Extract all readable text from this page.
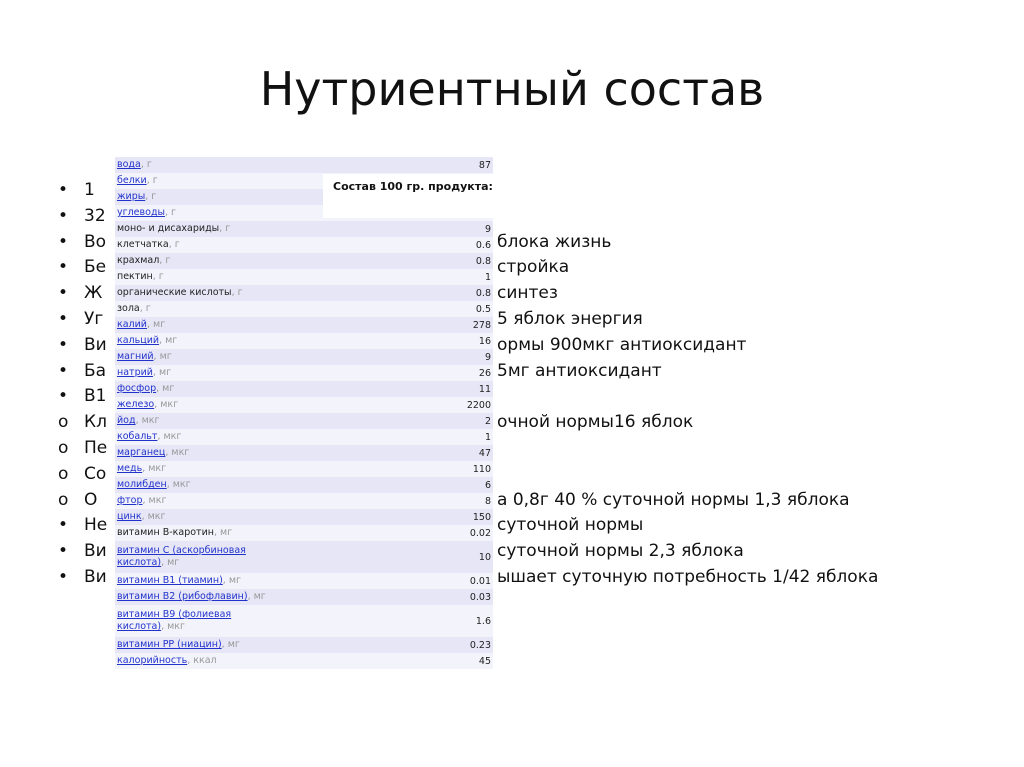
Нутриентный состав
• 1
• 32
• Во	блока жизнь
• Бе	стройка
• Ж	синтез
• Уг	5 яблок энергия
• Ви	ормы 900мкг антиоксидант
• Ба	5мг антиоксидант
• В1
o Кл	очной нормы16 яблок
o Пе
o Со
o О	а 0,8г 40 % суточной нормы 1,3 яблока
• Не	суточной нормы
• Ви	суточной нормы 2,3 яблока
• Ви	ышает суточную потребность 1/42 яблока
вода, г	87
белки, г
жиры, г
углеводы, г
моно- и дисахариды, г	9
клетчатка, г	0.6
крахмал, г	0.8
пектин, г	1
органические кислоты, г	0.8
зола, г	0.5
калий, мг	278
кальций, мг	16
магний, мг	9
натрий, мг	26
фосфор, мг	11
железо, мкг	2200
йод, мкг	2
кобальт, мкг	1
марганец, мкг	47
медь, мкг	110
молибден, мкг	6
фтор, мкг	8
цинк, мкг	150
витамин B-каротин, мг	0.02
витамин C (аскорбиновая кислота), мг	10
витамин B1 (тиамин), мг	0.01
витамин B2 (рибофлавин), мг	0.03
витамин B9 (фолиевая кислота), мкг	1.6
витамин PP (ниацин), мг	0.23
калорийность, ккал	45
Состав 100 гр. продукта:
